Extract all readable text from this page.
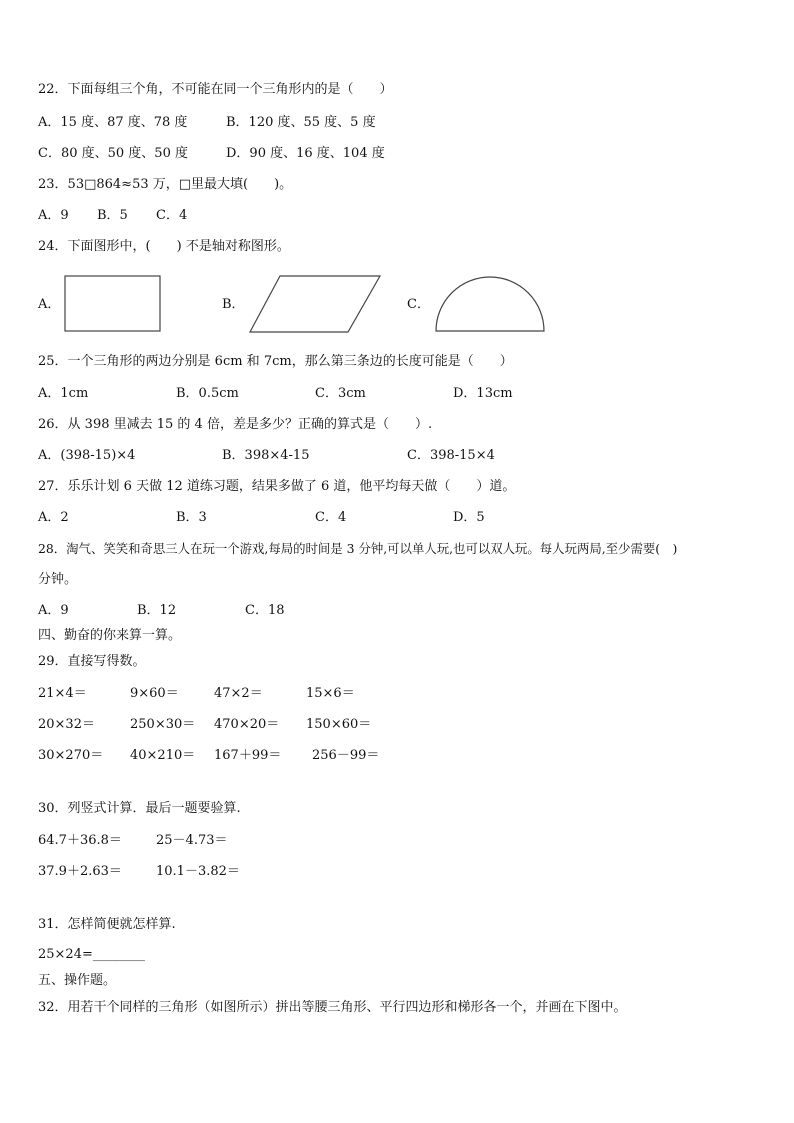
22．下面每组三个角，不可能在同一个三角形内的是（　　）
A．15 度、87 度、78 度	B．120 度、55 度、5 度
C．80 度、50 度、50 度	D．90 度、16 度、104 度
23．53□864≈53 万，□里最大填(　　)。
A．9 B．5 C．4
24．下面图形中，(　　) 不是轴对称图形。
A．	B．	C．
25．一个三角形的两边分别是 6cm 和 7cm，那么第三条边的长度可能是（　　）
A．1cm	B．0.5cm	C．3cm	D．13cm
26．从 398 里减去 15 的 4 倍，差是多少？正确的算式是（　　）.
A．(398-15)×4	B．398×4-15	C．398-15×4
27．乐乐计划 6 天做 12 道练习题，结果多做了 6 道，他平均每天做（　　）道。
A．2	B．3	C．4	D．5
28．淘气、笑笑和奇思三人在玩一个游戏,每局的时间是 3 分钟,可以单人玩,也可以双人玩。每人玩两局,至少需要(　)
分钟。
A．9	B．12	C．18
四、勤奋的你来算一算。
29．直接写得数。
21×4＝	9×60＝	47×2＝	15×6＝
20×32＝	250×30＝ 470×20＝ 150×60＝
30×270＝ 40×210＝ 167＋99＝ 256－99＝
30．列竖式计算．最后一题要验算.
64.7＋36.8＝	25－4.73＝
37.9＋2.63＝	10.1－3.82＝
31．怎样简便就怎样算.
25×24=________
五、操作题。
32．用若干个同样的三角形（如图所示）拼出等腰三角形、平行四边形和梯形各一个，并画在下图中。
